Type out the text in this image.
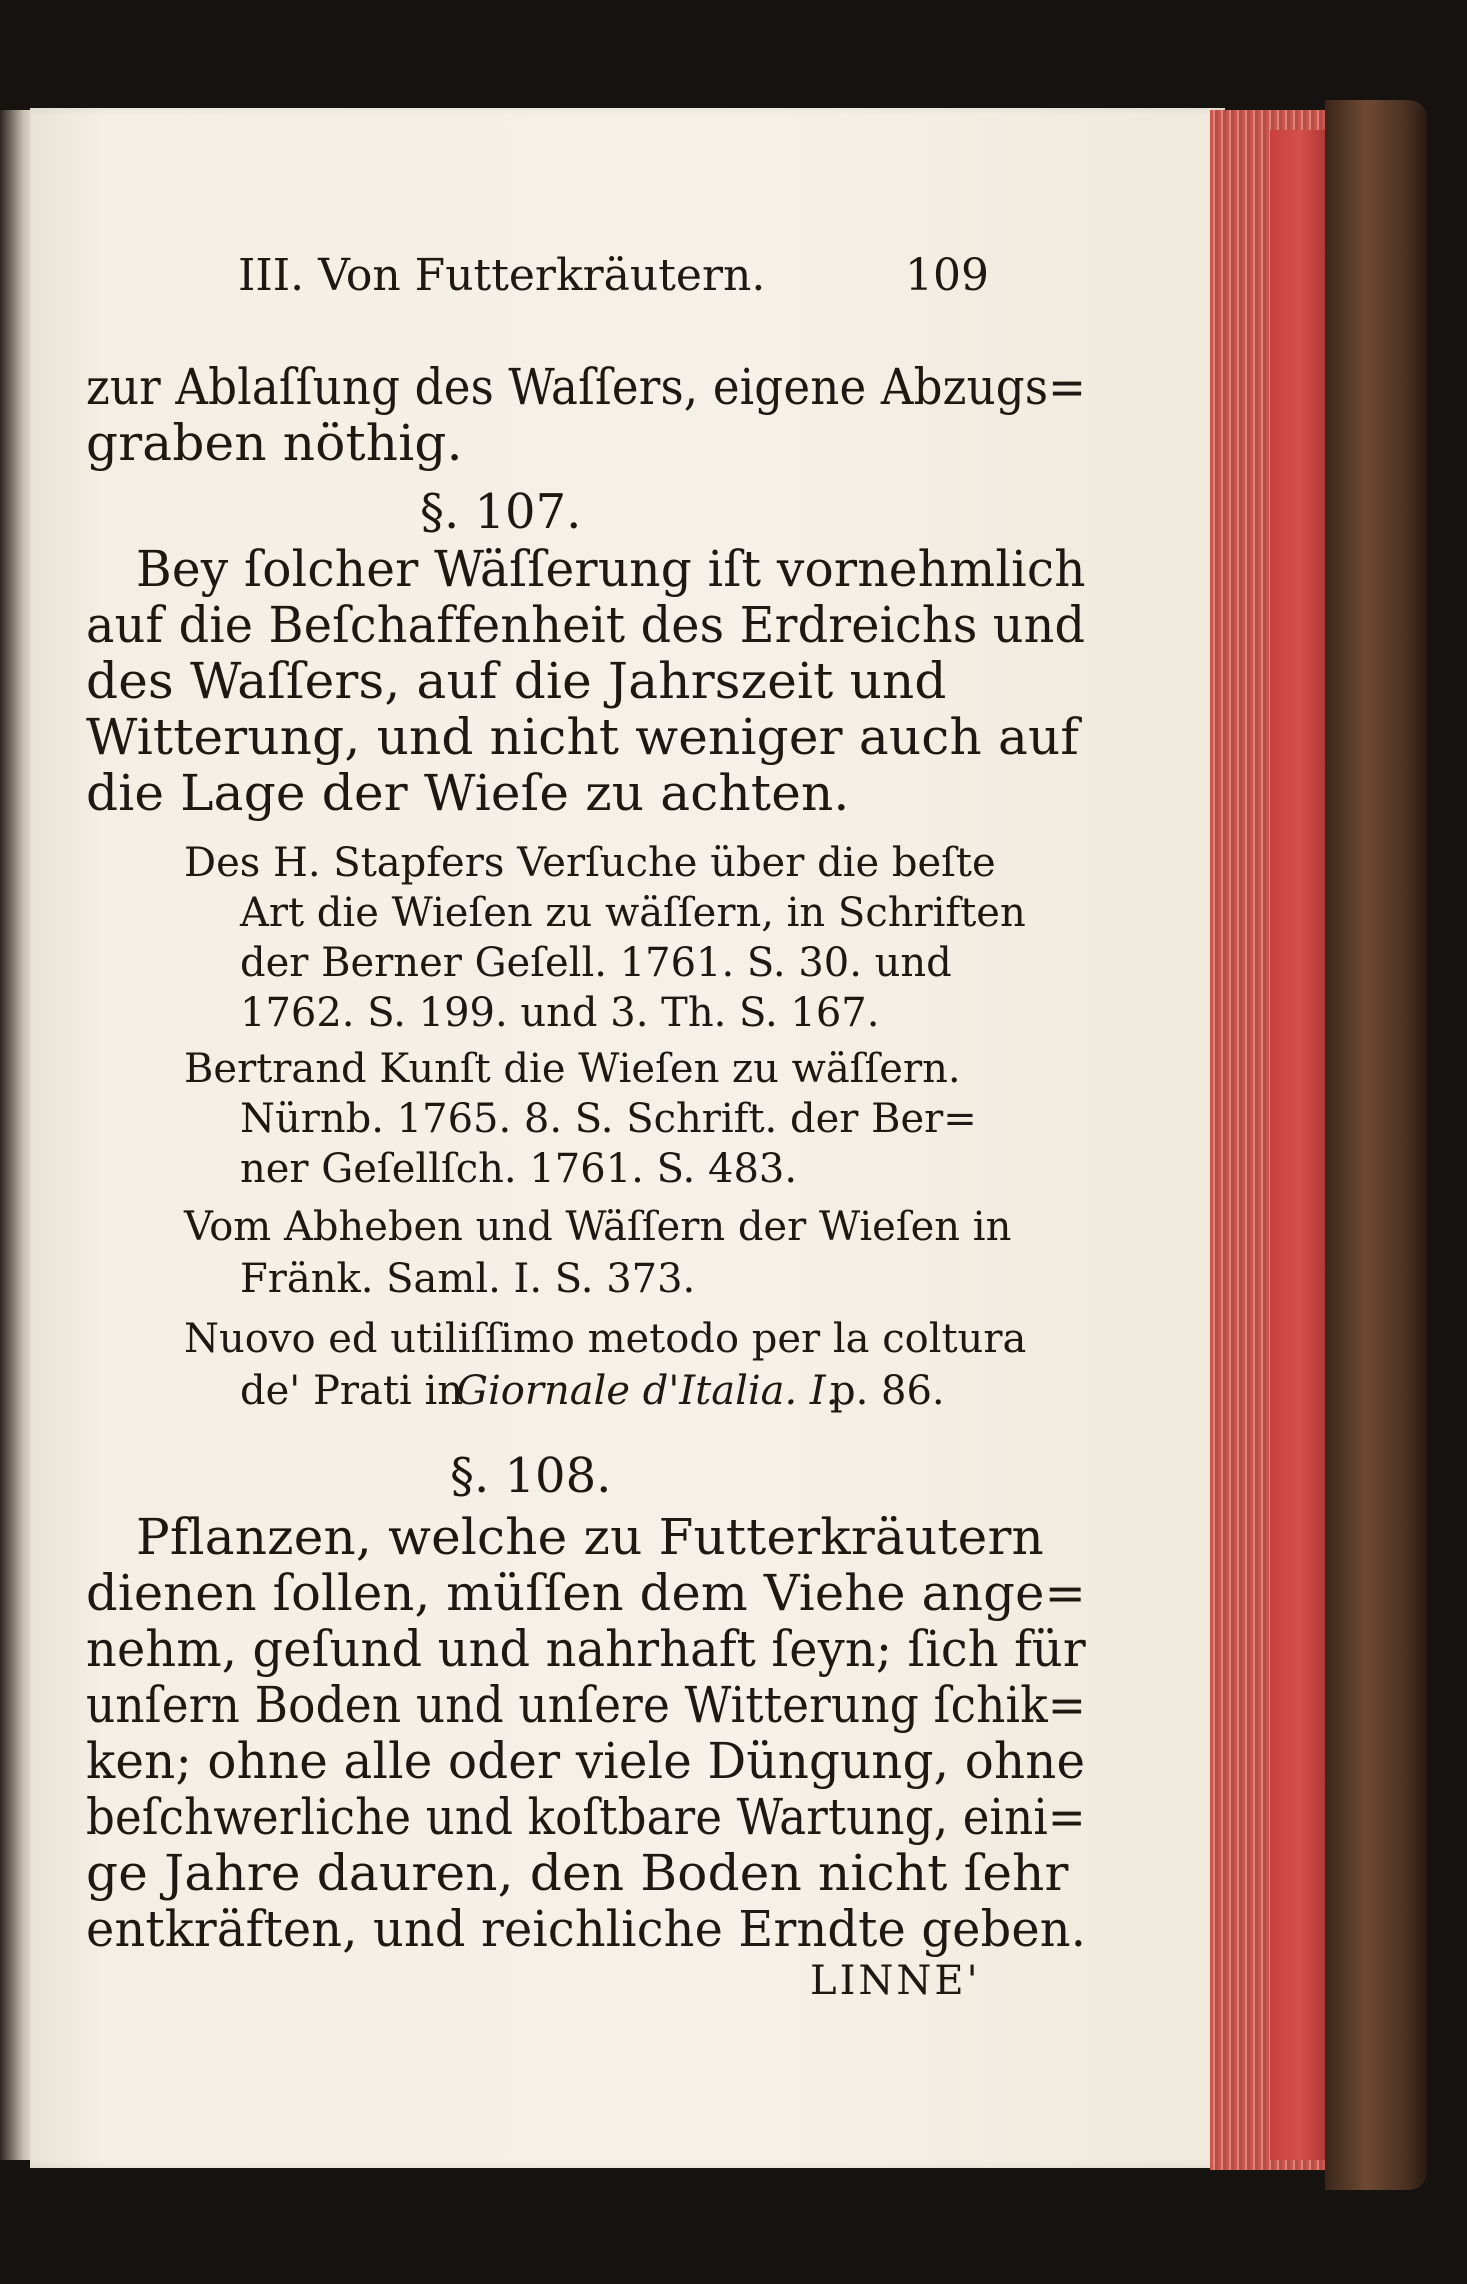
III. Von Futterkräutern.	109

zur Ablaſſung des Waſſers, eigene Abzugs=

graben nöthig.

§. 107.

Bey ſolcher Wäſſerung iſt vornehmlich

auf die Beſchaffenheit des Erdreichs und

des Waſſers, auf die Jahrszeit und

Witterung, und nicht weniger auch auf

die Lage der Wieſe zu achten.

Des H. Stapfers Verſuche über die beſte

Art die Wieſen zu wäſſern, in Schriften

der Berner Geſell. 1761. S. 30. und

1762. S. 199. und 3. Th. S. 167.

Bertrand Kunſt die Wieſen zu wäſſern.

Nürnb. 1765. 8. S. Schrift. der Ber=

ner Geſellſch. 1761. S. 483.

Vom Abheben und Wäſſern der Wieſen in

Fränk. Saml. I. S. 373.

Nuovo ed utiliſſimo metodo per la coltura

de' Prati in

Giornale d'Italia. I.

p. 86.

§. 108.

Pflanzen, welche zu Futterkräutern

dienen ſollen, müſſen dem Viehe ange=

nehm, geſund und nahrhaft ſeyn; ſich für

unſern Boden und unſere Witterung ſchik=

ken; ohne alle oder viele Düngung, ohne

beſchwerliche und koſtbare Wartung, eini=

ge Jahre dauren, den Boden nicht ſehr

entkräften, und reichliche Erndte geben.

LINNE'
